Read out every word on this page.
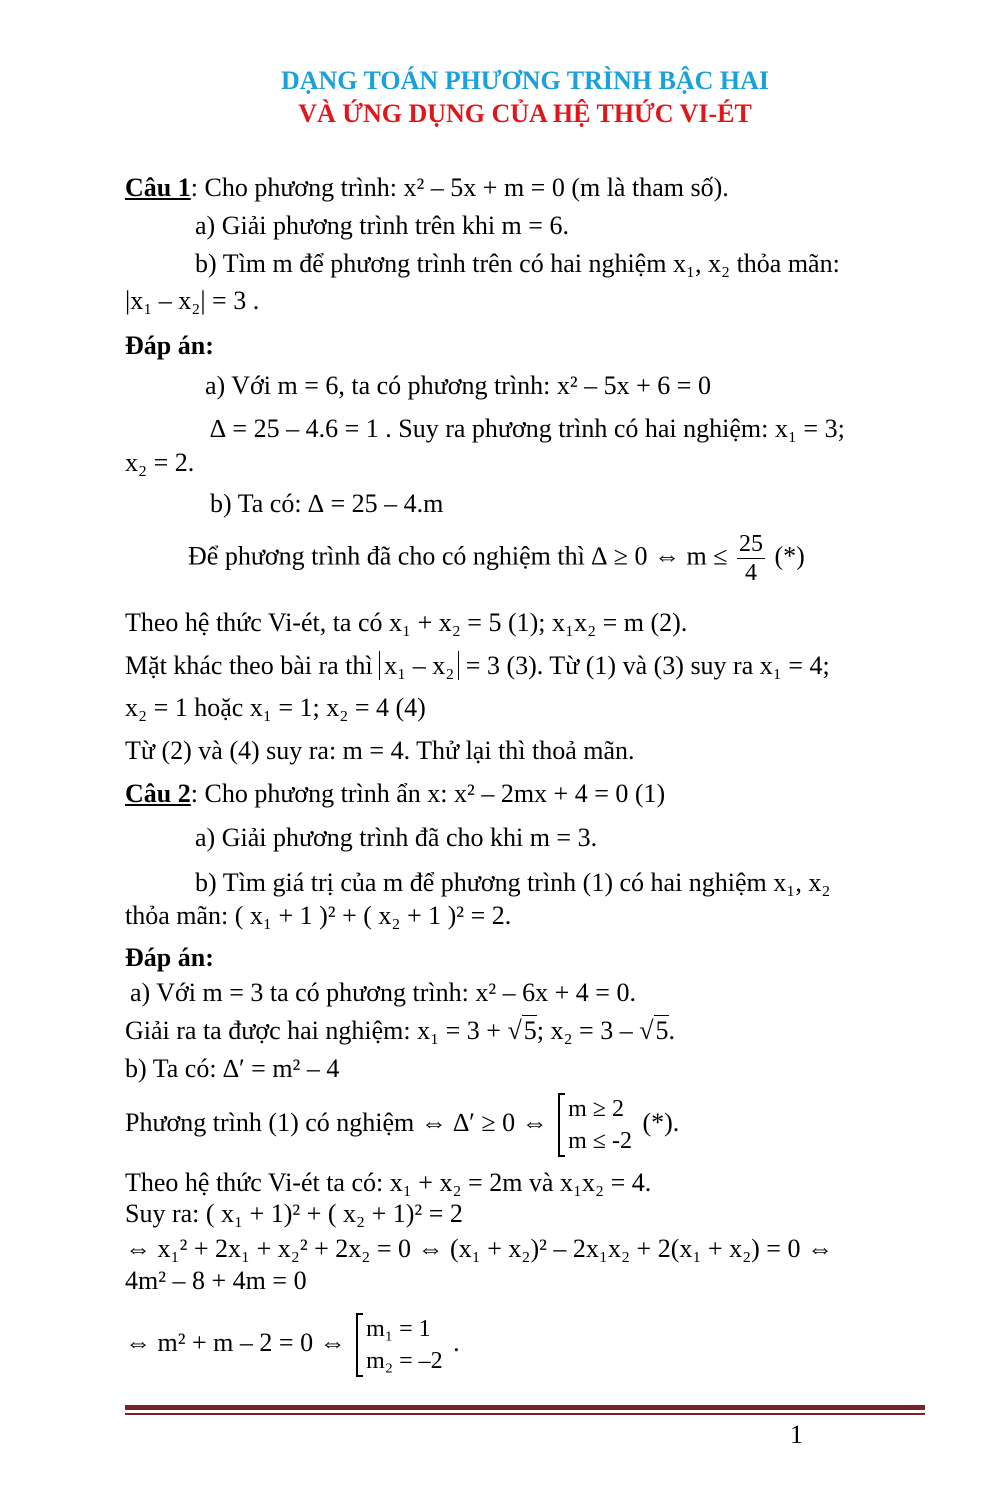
DẠNG TOÁN PHƯƠNG TRÌNH BẬC HAI
VÀ ỨNG DỤNG CỦA HỆ THỨC VI-ÉT
Câu 1: Cho phương trình: x² – 5x + m = 0 (m là tham số).
a) Giải phương trình trên khi m = 6.
b) Tìm m để phương trình trên có hai nghiệm x₁, x₂ thỏa mãn:
|x₁ – x₂| = 3 .
Đáp án:
a) Với m = 6, ta có phương trình: x² – 5x + 6 = 0
∆ = 25 – 4.6 = 1 . Suy ra phương trình có hai nghiệm: x₁ = 3;
x₂ = 2.
b) Ta có: ∆ = 25 – 4.m
Để phương trình đã cho có nghiệm thì ∆ ≥ 0 ⇔ $m \le \frac{25}{4}$ (*)
Theo hệ thức Vi-ét, ta có x₁ + x₂ = 5 (1); x₁x₂ = m (2).
Mặt khác theo bài ra thì x₁ – x₂ = 3 (3). Từ (1) và (3) suy ra x₁ = 4;
x₂ = 1 hoặc x₁ = 1; x₂ = 4 (4)
Từ (2) và (4) suy ra: m = 4. Thử lại thì thoả mãn.
Câu 2: Cho phương trình ẩn x: x² – 2mx + 4 = 0 (1)
a) Giải phương trình đã cho khi m = 3.
b) Tìm giá trị của m để phương trình (1) có hai nghiệm x₁, x₂
thỏa mãn: ( x₁ + 1 )² + ( x₂ + 1 )² = 2.
Đáp án:
a) Với m = 3 ta có phương trình: x² – 6x + 4 = 0.
Giải ra ta được hai nghiệm: x₁ = 3 + √5; x₂ = 3 – √5.
b) Ta có: ∆′ = m² – 4
Phương trình (1) có nghiệm ⇔ ∆′ ≥ 0 ⇔ m ≥ 2
m ≤ -2
(*).
Theo hệ thức Vi-ét ta có: x₁ + x₂ = 2m và x₁x₂ = 4.
Suy ra: ( x₁ + 1)² + ( x₂ + 1)² = 2
⇔ x₁² + 2x₁ + x₂² + 2x₂ = 0 ⇔ (x₁ + x₂)² – 2x₁x₂ + 2(x₁ + x₂) = 0 ⇔
4m² – 8 + 4m = 0
⇔ m² + m – 2 = 0 ⇔ m₁ = 1
m₂ = –2
.
1
